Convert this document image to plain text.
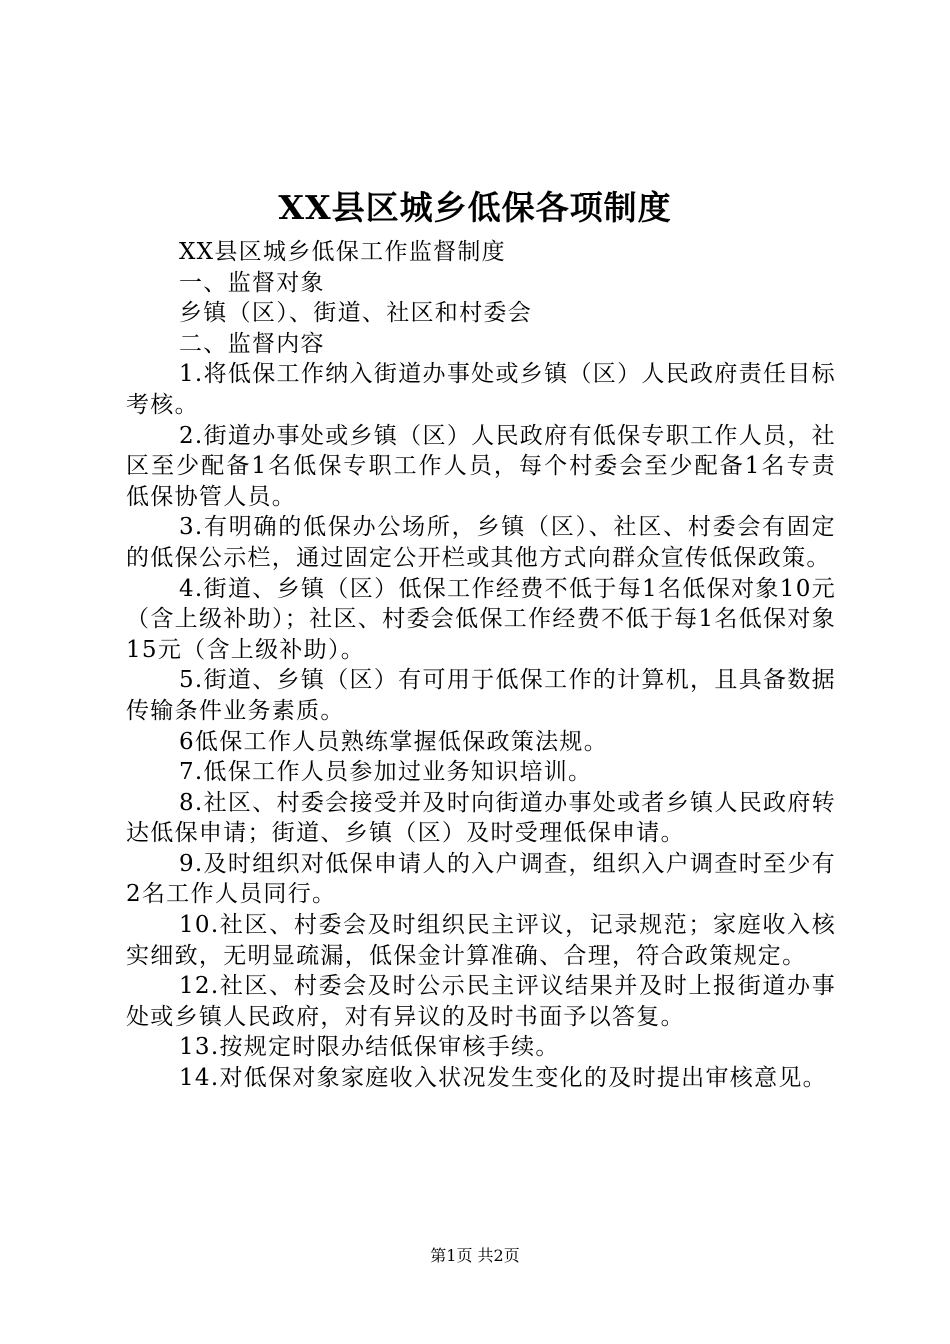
XX县区城乡低保各项制度

XX县区城乡低保工作监督制度

一、监督对象

乡镇（区）、街道、社区和村委会

二、监督内容

1.将低保工作纳入街道办事处或乡镇（区）人民政府责任目标考核。

2.街道办事处或乡镇（区）人民政府有低保专职工作人员，社区至少配备1名低保专职工作人员，每个村委会至少配备1名专责低保协管人员。

3.有明确的低保办公场所，乡镇（区）、社区、村委会有固定的低保公示栏，通过固定公开栏或其他方式向群众宣传低保政策。

4.街道、乡镇（区）低保工作经费不低于每1名低保对象10元（含上级补助）；社区、村委会低保工作经费不低于每1名低保对象15元（含上级补助）。

5.街道、乡镇（区）有可用于低保工作的计算机，且具备数据传输条件业务素质。

6低保工作人员熟练掌握低保政策法规。

7.低保工作人员参加过业务知识培训。

8.社区、村委会接受并及时向街道办事处或者乡镇人民政府转达低保申请；街道、乡镇（区）及时受理低保申请。

9.及时组织对低保申请人的入户调查，组织入户调查时至少有2名工作人员同行。

10.社区、村委会及时组织民主评议，记录规范；家庭收入核实细致，无明显疏漏，低保金计算准确、合理，符合政策规定。

12.社区、村委会及时公示民主评议结果并及时上报街道办事处或乡镇人民政府，对有异议的及时书面予以答复。

13.按规定时限办结低保审核手续。

14.对低保对象家庭收入状况发生变化的及时提出审核意见。

第1页 共2页
